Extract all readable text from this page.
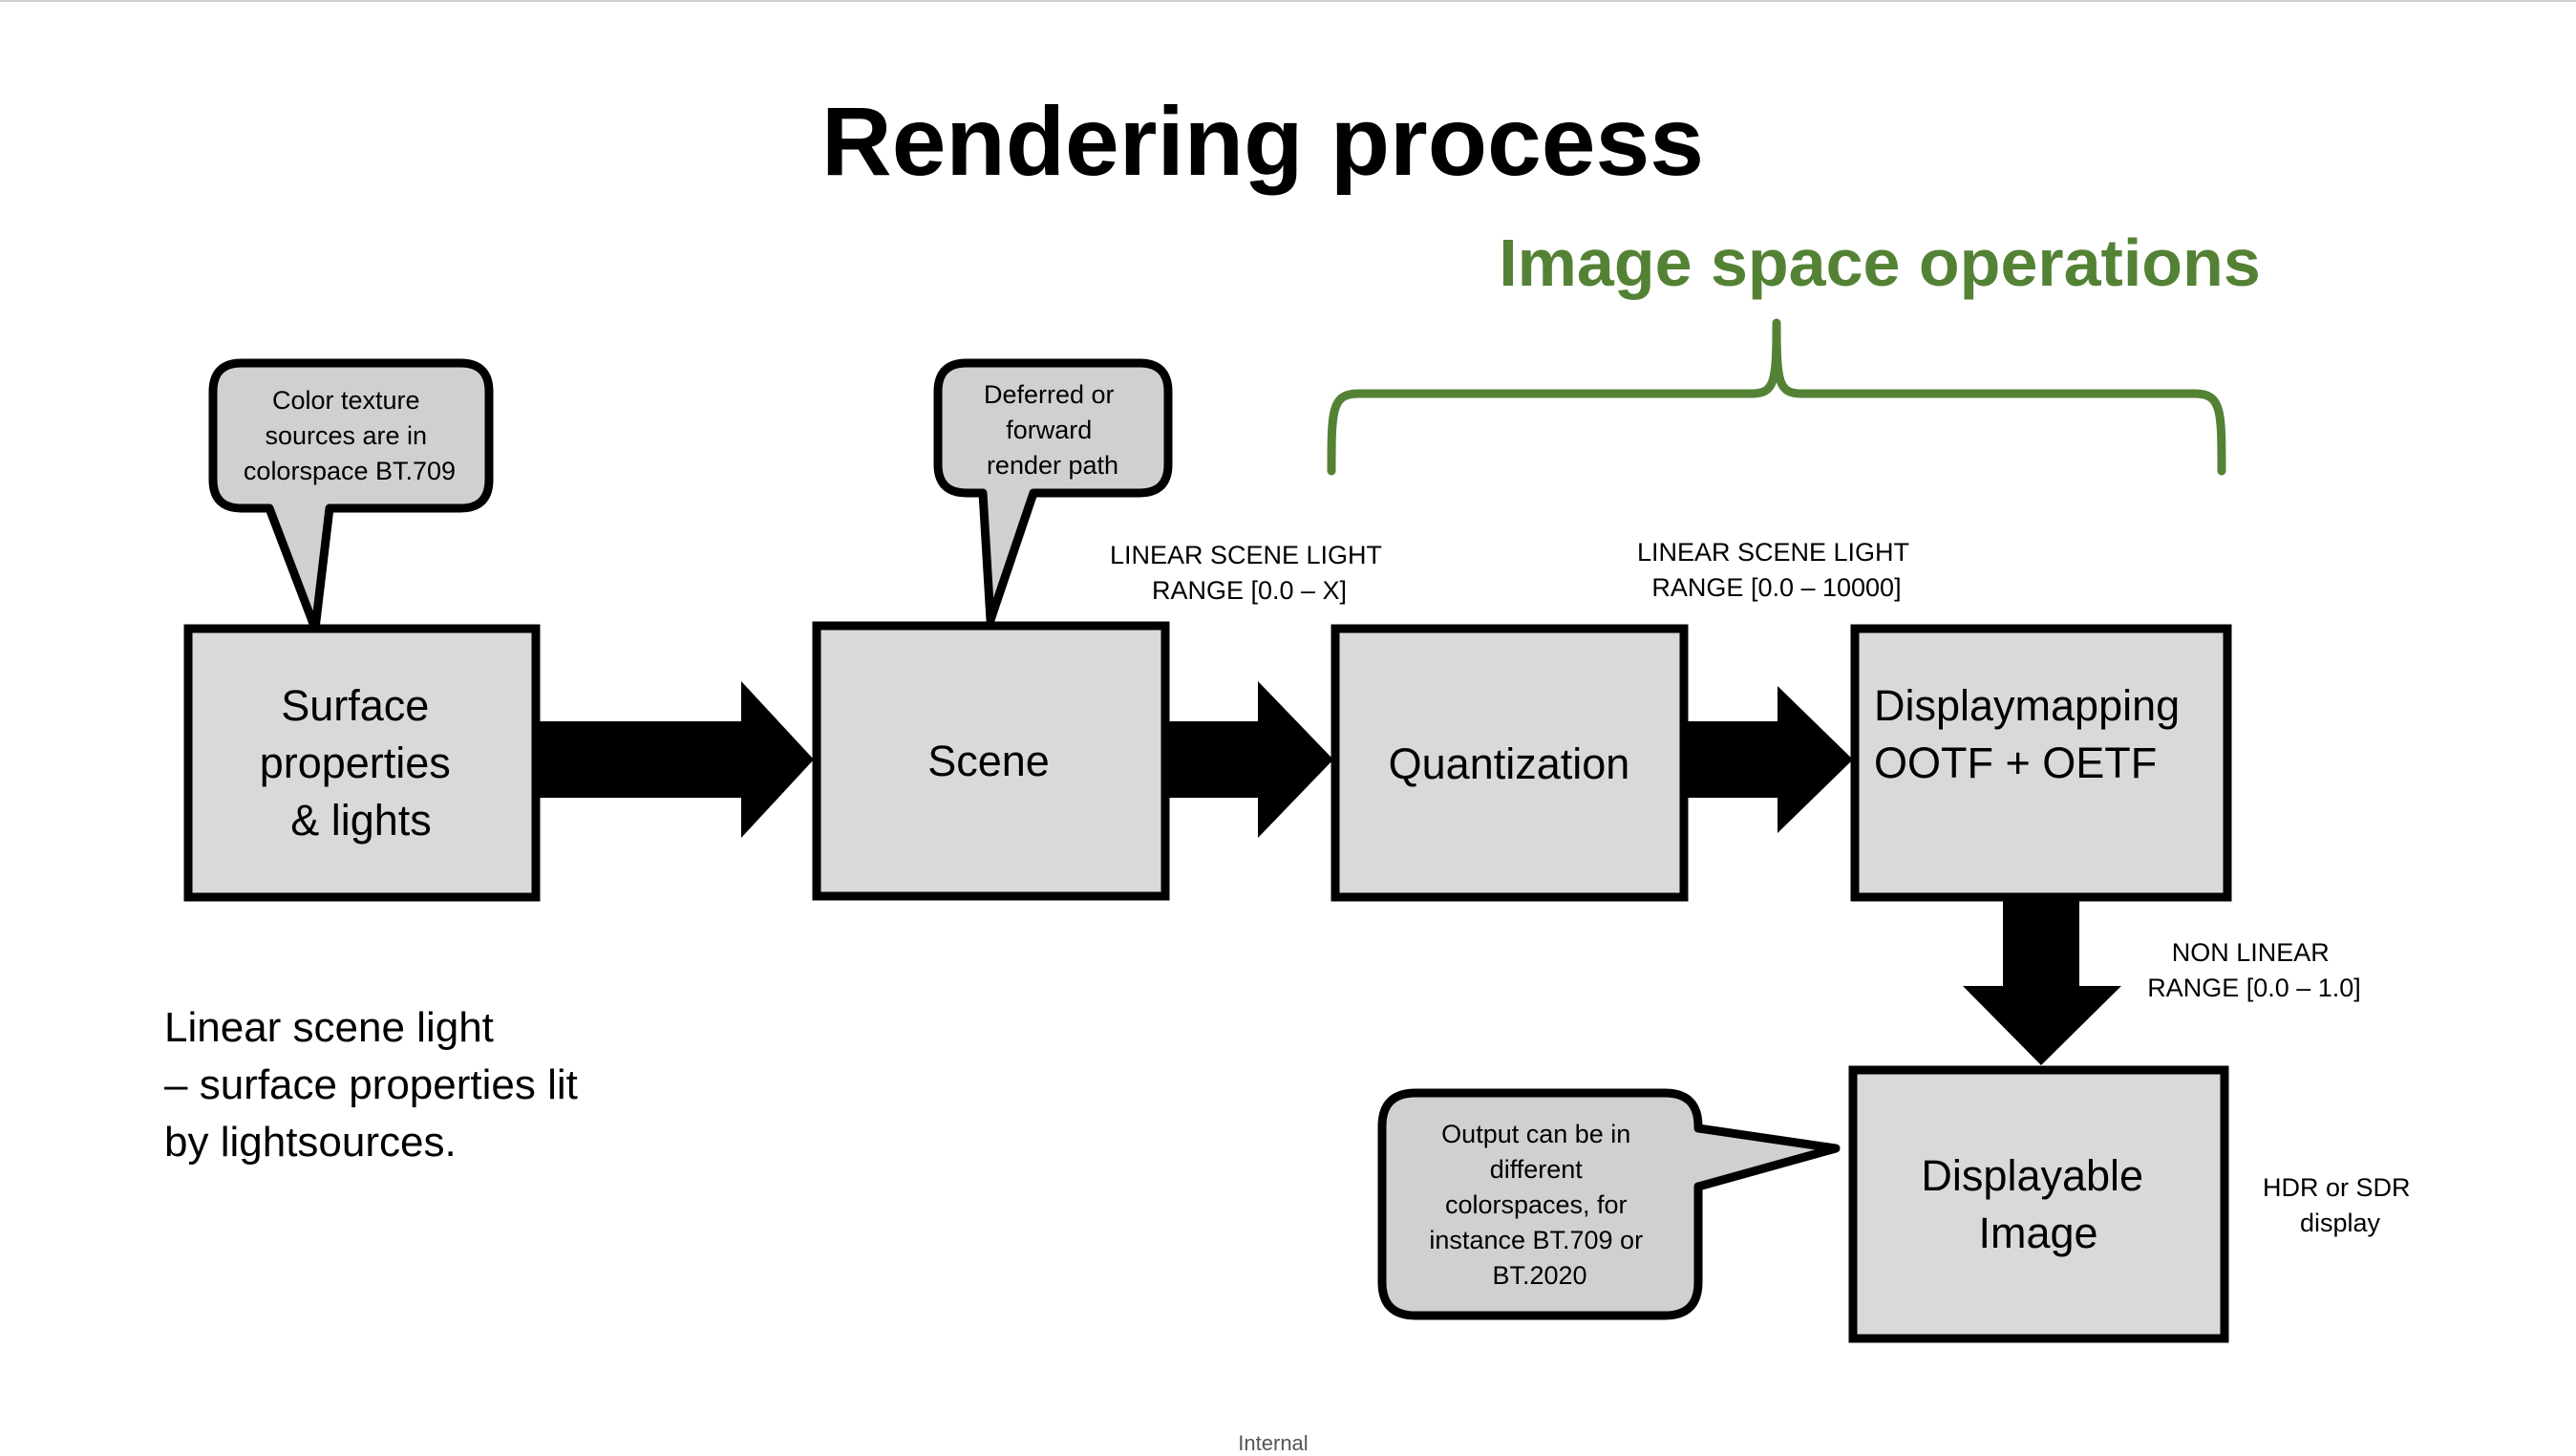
Rendering process
Image space operations
Surface properties & lights
Scene	Quantization
Displaymapping OOTF + OETF
Displayable Image
Color texture sources are in colorspace BT.709
Deferred or forward render path
Output can be in different colorspaces, for instance BT.709 or BT.2020
LINEAR SCENE LIGHT RANGE [0.0 – X]
LINEAR SCENE LIGHT RANGE [0.0 – 10000]
NON LINEAR RANGE [0.0 – 1.0]
HDR or SDR display
Linear scene light – surface properties lit by lightsources.
Internal
